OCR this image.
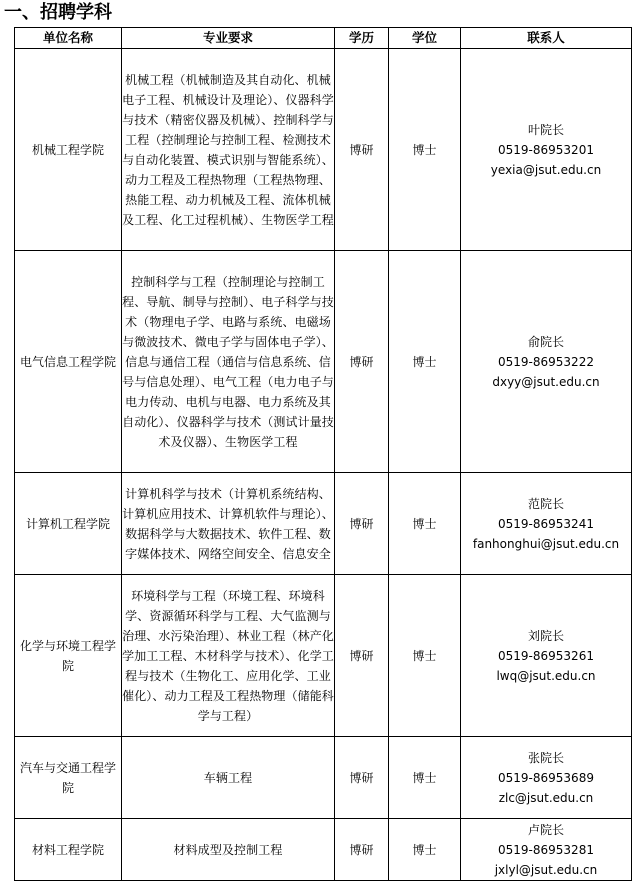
一、招聘学科
单位名称	专业要求	学历	学位	联系人
机械工程学院	机械工程（机械制造及其自动化、机械电子工程、机械设计及理论）、仪器科学与技术（精密仪器及机械）、控制科学与工程（控制理论与控制工程、检测技术与自动化装置、模式识别与智能系统）、动力工程及工程热物理（工程热物理、热能工程、动力机械及工程、流体机械及工程、化工过程机械）、生物医学工程	博研	博士	叶院长
0519-86953201
yexia@jsut.edu.cn

电气信息工程学院	控制科学与工程（控制理论与控制工程、导航、制导与控制）、电子科学与技术（物理电子学、电路与系统、电磁场与微波技术、微电子学与固体电子学）、信息与通信工程（通信与信息系统、信号与信息处理）、电气工程（电力电子与电力传动、电机与电器、电力系统及其自动化）、仪器科学与技术（测试计量技术及仪器）、生物医学工程	博研	博士	俞院长
0519-86953222
dxyy@jsut.edu.cn

计算机工程学院	计算机科学与技术（计算机系统结构、计算机应用技术、计算机软件与理论）、数据科学与大数据技术、软件工程、数字媒体技术、网络空间安全、信息安全	博研	博士	范院长
0519-86953241
fanhonghui@jsut.edu.cn

化学与环境工程学院	环境科学与工程（环境工程、环境科学、资源循环科学与工程、大气监测与治理、水污染治理）、林业工程（林产化学加工工程、木材科学与技术）、化学工程与技术（生物化工、应用化学、工业催化）、动力工程及工程热物理（储能科学与工程）	博研	博士	刘院长
0519-86953261
lwq@jsut.edu.cn

汽车与交通工程学院	车辆工程	博研	博士	张院长
0519-86953689
zlc@jsut.edu.cn

材料工程学院	材料成型及控制工程	博研	博士	卢院长
0519-86953281
jxlyl@jsut.edu.cn
